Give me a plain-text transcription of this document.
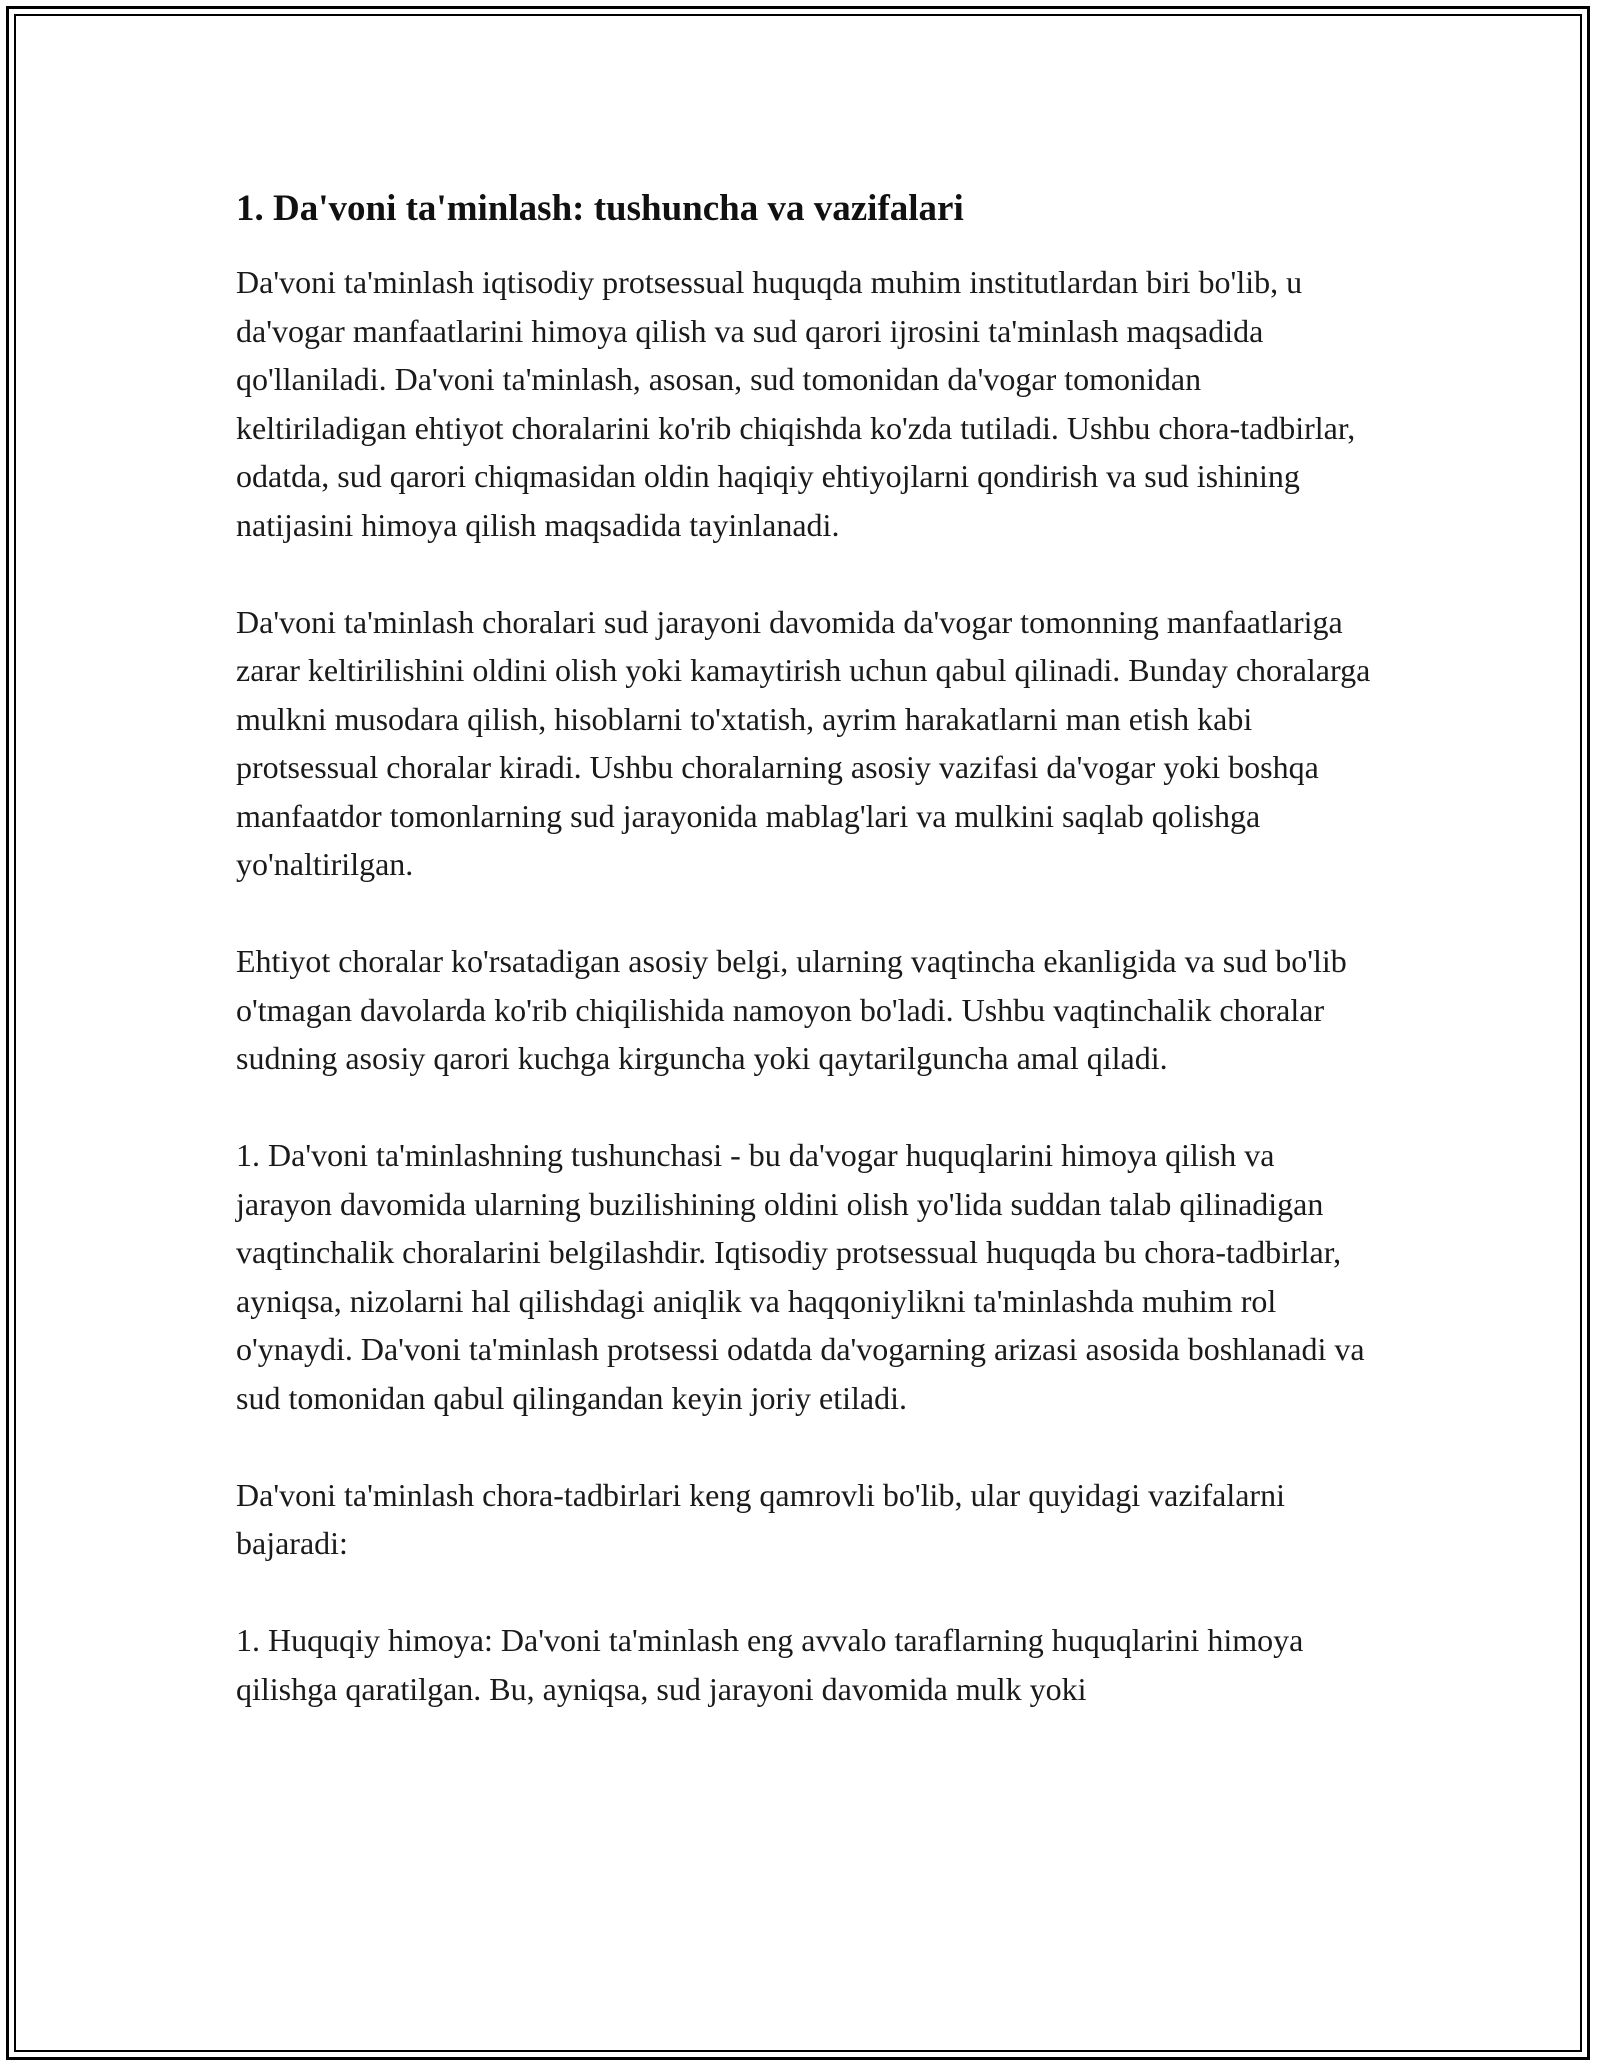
1. Da'voni ta'minlash: tushuncha va vazifalari

Da'voni ta'minlash iqtisodiy protsessual huquqda muhim institutlardan biri bo'lib, u da'vogar manfaatlarini himoya qilish va sud qarori ijrosini ta'minlash maqsadida qo'llaniladi. Da'voni ta'minlash, asosan, sud tomonidan da'vogar tomonidan keltiriladigan ehtiyot choralarini ko'rib chiqishda ko'zda tutiladi. Ushbu chora-tadbirlar, odatda, sud qarori chiqmasidan oldin haqiqiy ehtiyojlarni qondirish va sud ishining natijasini himoya qilish maqsadida tayinlanadi.

Da'voni ta'minlash choralari sud jarayoni davomida da'vogar tomonning manfaatlariga zarar keltirilishini oldini olish yoki kamaytirish uchun qabul qilinadi. Bunday choralarga mulkni musodara qilish, hisoblarni to'xtatish, ayrim harakatlarni man etish kabi protsessual choralar kiradi. Ushbu choralarning asosiy vazifasi da'vogar yoki boshqa manfaatdor tomonlarning sud jarayonida mablag'lari va mulkini saqlab qolishga yo'naltirilgan.

Ehtiyot choralar ko'rsatadigan asosiy belgi, ularning vaqtincha ekanligida va sud bo'lib o'tmagan davolarda ko'rib chiqilishida namoyon bo'ladi. Ushbu vaqtinchalik choralar sudning asosiy qarori kuchga kirguncha yoki qaytarilguncha amal qiladi.

1. Da'voni ta'minlashning tushunchasi - bu da'vogar huquqlarini himoya qilish va jarayon davomida ularning buzilishining oldini olish yo'lida suddan talab qilinadigan vaqtinchalik choralarini belgilashdir. Iqtisodiy protsessual huquqda bu chora-tadbirlar, ayniqsa, nizolarni hal qilishdagi aniqlik va haqqoniylikni ta'minlashda muhim rol o'ynaydi. Da'voni ta'minlash protsessi odatda da'vogarning arizasi asosida boshlanadi va sud tomonidan qabul qilingandan keyin joriy etiladi.

Da'voni ta'minlash chora-tadbirlari keng qamrovli bo'lib, ular quyidagi vazifalarni bajaradi:

1. Huquqiy himoya: Da'voni ta'minlash eng avvalo taraflarning huquqlarini himoya qilishga qaratilgan. Bu, ayniqsa, sud jarayoni davomida mulk yoki
